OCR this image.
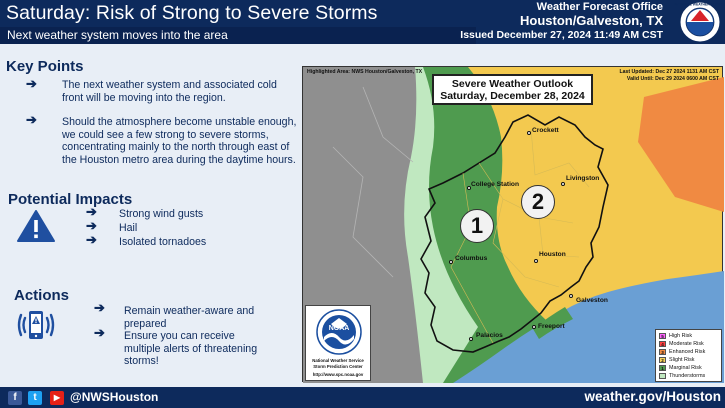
Saturday: Risk of Strong to Severe Storms
Next weather system moves into the area
Weather Forecast Office
Houston/Galveston, TX
Issued December 27, 2024 11:49 AM CST
NATIONAL WEATHER SERVICE
Key Points
➔ The next weather system and associated cold front will be moving into the region.
➔ Should the atmosphere become unstable enough, we could see a few strong to severe storms, concentrating mainly to the north through east of the Houston metro area during the daytime hours.
Potential Impacts
➔ Strong wind gusts
➔ Hail
➔ Isolated tornadoes
Actions
➔ Remain weather-aware and prepared
➔ Ensure you can receive multiple alerts of threatening storms!
Highlighted Area: NWS Houston/Galveston, TX	Last Updated: Dec 27 2024 1131 AM CST
Valid Until: Dec 29 2024 0600 AM CST
Severe Weather Outlook
Saturday, December 28, 2024
Crockett
College Station
Livingston
Columbus
Houston
Galveston
Freeport
Palacios
1
2
NOAA
National Weather Service
Storm Prediction Center
http://www.spc.noaa.gov
5 High Risk
4 Moderate Risk
3 Enhanced Risk
2 Slight Risk
1 Marginal Risk
Thunderstorms
f	t	▶ @NWSHouston	weather.gov/Houston
